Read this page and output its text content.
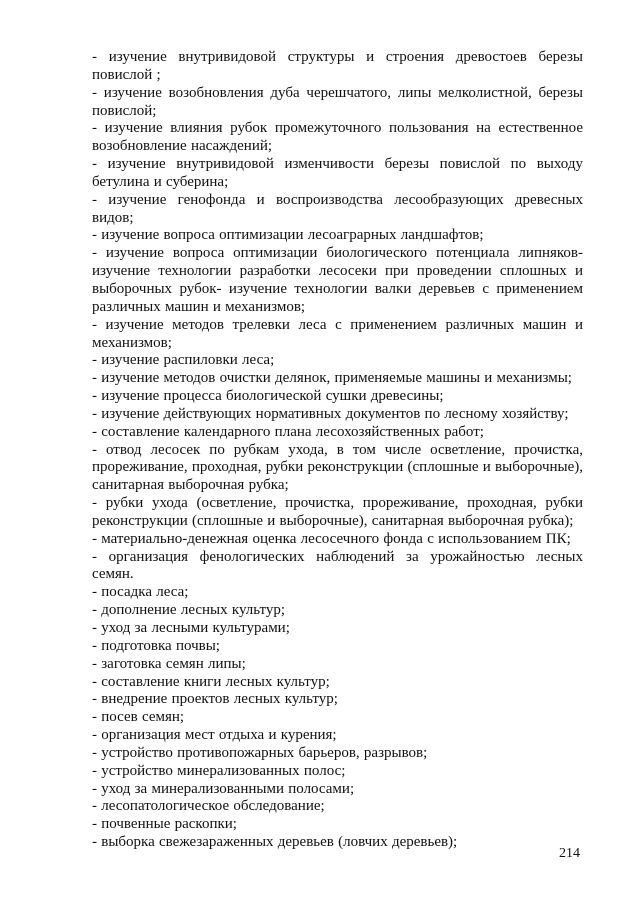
- изучение внутривидовой структуры и строения древостоев березы повислой ;

- изучение возобновления дуба черешчатого, липы мелколистной, березы повислой;

- изучение влияния рубок промежуточного пользования на естественное возобновление насаждений;

- изучение внутривидовой изменчивости березы повислой по выходу бетулина и суберина;

- изучение генофонда и воспроизводства лесообразующих древесных видов;

- изучение вопроса оптимизации лесоаграрных ландшафтов;

- изучение вопроса оптимизации биологического потенциала липняков-изучение технологии разработки лесосеки при проведении сплошных и выборочных рубок- изучение технологии валки деревьев с применением различных машин и механизмов;

- изучение методов трелевки леса с применением различных машин и механизмов;

- изучение распиловки леса;

- изучение методов очистки делянок, применяемые машины и механизмы;

- изучение процесса биологической сушки древесины;

- изучение действующих нормативных документов по лесному хозяйству;

- составление календарного плана лесохозяйственных работ;

- отвод лесосек по рубкам ухода, в том числе осветление, прочистка, прореживание, проходная, рубки реконструкции (сплошные и выборочные), санитарная выборочная рубка;

- рубки ухода (осветление, прочистка, прореживание, проходная, рубки реконструкции (сплошные и выборочные), санитарная выборочная рубка);

- материально-денежная оценка лесосечного фонда с использованием ПК;

- организация фенологических наблюдений за урожайностью лесных семян.

- посадка леса;

- дополнение лесных культур;

- уход за лесными культурами;

- подготовка почвы;

- заготовка семян липы;

- составление книги лесных культур;

- внедрение проектов лесных культур;

- посев семян;

- организация мест отдыха и курения;

- устройство противопожарных барьеров, разрывов;

- устройство минерализованных полос;

- уход за минерализованными полосами;

- лесопатологическое обследование;

- почвенные раскопки;

- выборка свежезараженных деревьев (ловчих деревьев);

214
